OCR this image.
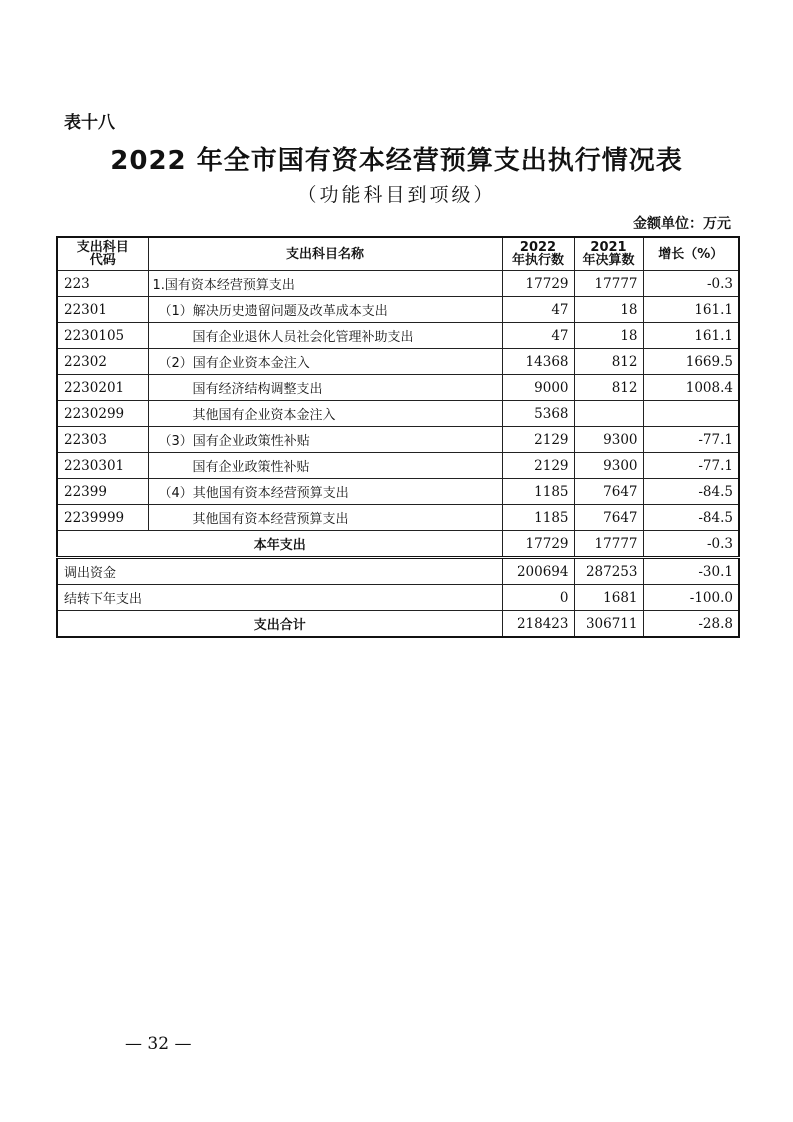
表十八
2022 年全市国有资本经营预算支出执行情况表
（功能科目到项级）
金额单位：万元
支出科目代码	支出科目名称	2022 年执行数	2021 年决算数	增长（%）
223	1.国有资本经营预算支出	17729	17777	-0.3
22301	（1）解决历史遗留问题及改革成本支出	47	18	161.1
2230105	国有企业退休人员社会化管理补助支出	47	18	161.1
22302	（2）国有企业资本金注入	14368	812	1669.5
2230201	国有经济结构调整支出	9000	812	1008.4
2230299	其他国有企业资本金注入	5368		
22303	（3）国有企业政策性补贴	2129	9300	-77.1
2230301	国有企业政策性补贴	2129	9300	-77.1
22399	（4）其他国有资本经营预算支出	1185	7647	-84.5
2239999	其他国有资本经营预算支出	1185	7647	-84.5
本年支出		17729	17777	-0.3
调出资金		200694	287253	-30.1
结转下年支出		0	1681	-100.0
支出合计		218423	306711	-28.8
— 32 —
